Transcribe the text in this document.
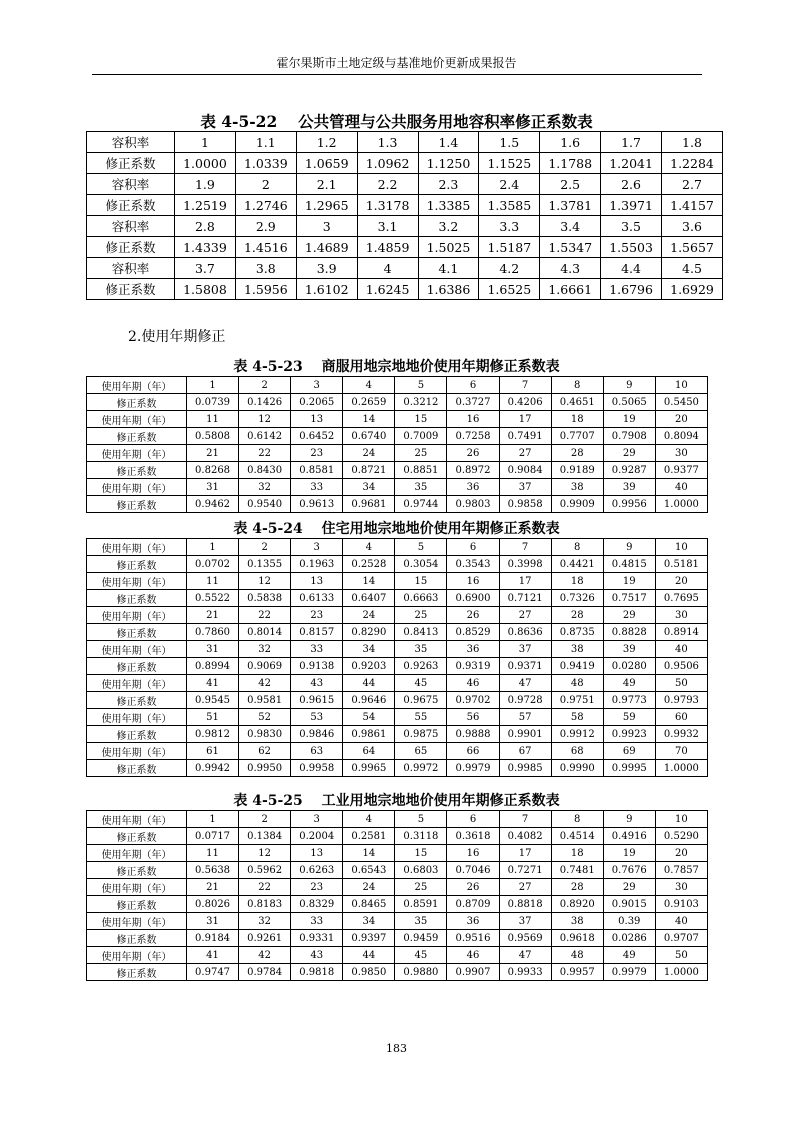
霍尔果斯市土地定级与基准地价更新成果报告
表 4-5-22　 公共管理与公共服务用地容积率修正系数表
容积率	1	1.1	1.2	1.3	1.4	1.5	1.6	1.7	1.8
修正系数	1.0000	1.0339	1.0659	1.0962	1.1250	1.1525	1.1788	1.2041	1.2284
容积率	1.9	2	2.1	2.2	2.3	2.4	2.5	2.6	2.7
修正系数	1.2519	1.2746	1.2965	1.3178	1.3385	1.3585	1.3781	1.3971	1.4157
容积率	2.8	2.9	3	3.1	3.2	3.3	3.4	3.5	3.6
修正系数	1.4339	1.4516	1.4689	1.4859	1.5025	1.5187	1.5347	1.5503	1.5657
容积率	3.7	3.8	3.9	4	4.1	4.2	4.3	4.4	4.5
修正系数	1.5808	1.5956	1.6102	1.6245	1.6386	1.6525	1.6661	1.6796	1.6929
2.使用年期修正
表 4-5-23　 商服用地宗地地价使用年期修正系数表
使用年期（年）	1	2	3	4	5	6	7	8	9	10
修正系数	0.0739	0.1426	0.2065	0.2659	0.3212	0.3727	0.4206	0.4651	0.5065	0.5450
使用年期（年）	11	12	13	14	15	16	17	18	19	20
修正系数	0.5808	0.6142	0.6452	0.6740	0.7009	0.7258	0.7491	0.7707	0.7908	0.8094
使用年期（年）	21	22	23	24	25	26	27	28	29	30
修正系数	0.8268	0.8430	0.8581	0.8721	0.8851	0.8972	0.9084	0.9189	0.9287	0.9377
使用年期（年）	31	32	33	34	35	36	37	38	39	40
修正系数	0.9462	0.9540	0.9613	0.9681	0.9744	0.9803	0.9858	0.9909	0.9956	1.0000
表 4-5-24　 住宅用地宗地地价使用年期修正系数表
使用年期（年）	1	2	3	4	5	6	7	8	9	10
修正系数	0.0702	0.1355	0.1963	0.2528	0.3054	0.3543	0.3998	0.4421	0.4815	0.5181
使用年期（年）	11	12	13	14	15	16	17	18	19	20
修正系数	0.5522	0.5838	0.6133	0.6407	0.6663	0.6900	0.7121	0.7326	0.7517	0.7695
使用年期（年）	21	22	23	24	25	26	27	28	29	30
修正系数	0.7860	0.8014	0.8157	0.8290	0.8413	0.8529	0.8636	0.8735	0.8828	0.8914
使用年期（年）	31	32	33	34	35	36	37	38	39	40
修正系数	0.8994	0.9069	0.9138	0.9203	0.9263	0.9319	0.9371	0.9419	0.0280	0.9506
使用年期（年）	41	42	43	44	45	46	47	48	49	50
修正系数	0.9545	0.9581	0.9615	0.9646	0.9675	0.9702	0.9728	0.9751	0.9773	0.9793
使用年期（年）	51	52	53	54	55	56	57	58	59	60
修正系数	0.9812	0.9830	0.9846	0.9861	0.9875	0.9888	0.9901	0.9912	0.9923	0.9932
使用年期（年）	61	62	63	64	65	66	67	68	69	70
修正系数	0.9942	0.9950	0.9958	0.9965	0.9972	0.9979	0.9985	0.9990	0.9995	1.0000
表 4-5-25　 工业用地宗地地价使用年期修正系数表
使用年期（年）	1	2	3	4	5	6	7	8	9	10
修正系数	0.0717	0.1384	0.2004	0.2581	0.3118	0.3618	0.4082	0.4514	0.4916	0.5290
使用年期（年）	11	12	13	14	15	16	17	18	19	20
修正系数	0.5638	0.5962	0.6263	0.6543	0.6803	0.7046	0.7271	0.7481	0.7676	0.7857
使用年期（年）	21	22	23	24	25	26	27	28	29	30
修正系数	0.8026	0.8183	0.8329	0.8465	0.8591	0.8709	0.8818	0.8920	0.9015	0.9103
使用年期（年）	31	32	33	34	35	36	37	38	0.39	40
修正系数	0.9184	0.9261	0.9331	0.9397	0.9459	0.9516	0.9569	0.9618	0.0286	0.9707
使用年期（年）	41	42	43	44	45	46	47	48	49	50
修正系数	0.9747	0.9784	0.9818	0.9850	0.9880	0.9907	0.9933	0.9957	0.9979	1.0000
183
